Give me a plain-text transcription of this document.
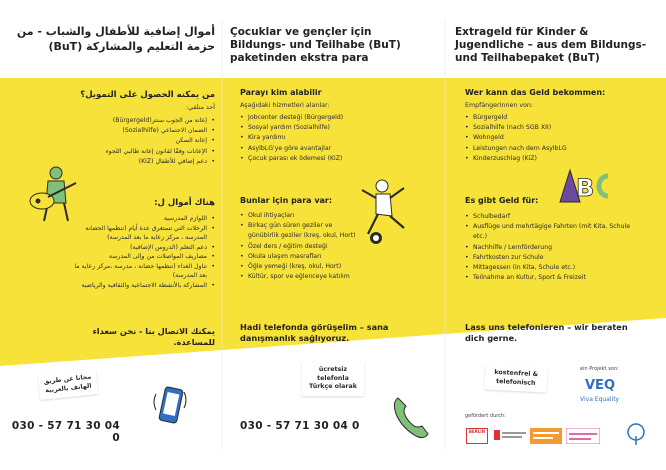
أموال إضافية للأطفال والشباب - من حزمة التعليم والمشاركة (BuT)
من يمكنه الحصول على التمويل؟
أحد متلقي:
• إعانة من الجوب سنتر(Bürgergeld)
• الضمان الاجتماعي (Sozialhilfe)
• إعانة السكن
• الإعانات وفقًا لقانون إعانة طالبي اللجوء
• دعم إضافي للأطفال (KiZ)
هناك أموال ل:
• اللوازم المدرسية
• الرحلات التي تستغرق عدة أيام (تنظمها الحضانة المدرسة ، مركز رعاية ما بعد المدرسة)
• دعم التعلم (الدروس الإضافية)
• مصاريف المواصلات من وإلى المدرسة
• تناول الغداء (تنظمها حضانة ، مدرسة ،مركز رعاية ما بعد المدرسة)
• المشاركة بالأنشطة الاجتماعية والثقافية والرياضية
يمكنك الاتصال بنا - نحن سعداء للمساعدة.
مجانا عن طريق الهاتف بالعربية
030 - 57 71 30 04 0
Çocuklar ve gençler için Bildungs- und Teilhabe (BuT) paketinden ekstra para
Parayı kim alabilir
Aşağıdaki hizmetleri alanlar:
• Jobcenter desteği (Bürgergeld)
• Sosyal yardım (Sozialhilfe)
• Kira yardımı
• AsylbLG'ye göre avantajlar
• Çocuk parası ek ödemesi (KiZ)
Bunlar için para var:
• Okul ihtiyaçları
• Birkaç gün süren geziler ve günübirlik geziler (kreş, okul, Hort)
• Özel ders / eğitim desteği
• Okula ulaşım masrafları
• Öğle yemeği (kreş, okul, Hort)
• Kültür, spor ve eğlenceye katılım
Hadi telefonda görüşelim – sana danışmanlık sağlıyoruz.
ücretsiz telefonla Türkçe olarak
030 - 57 71 30 04 0
Extrageld für Kinder & Jugendliche – aus dem Bildungs- und Teilhabepaket (BuT)
Wer kann das Geld bekommen:
EmpfängerInnen von:
• Bürgergeld
• Sozialhilfe (nach SGB XII)
• Wohngeld
• Leistungen nach dem AsylbLG
• Kinderzuschlag (KiZ)
Es gibt Geld für:
• Schulbedarf
• Ausflüge und mehrtägige Fahrten (mit Kita, Schule etc.)
• Nachhilfe / Lernförderung
• Fahrtkosten zur Schule
• Mittagessen (in Kita, Schule etc.)
• Teilnahme an Kultur, Sport & Freizeit
Lass uns telefonieren – wir beraten dich gerne.
kostenfrei & telefonisch
ein Projekt von:
VEQ
Viva Equality
gefördert durch:
B
BERLIN
